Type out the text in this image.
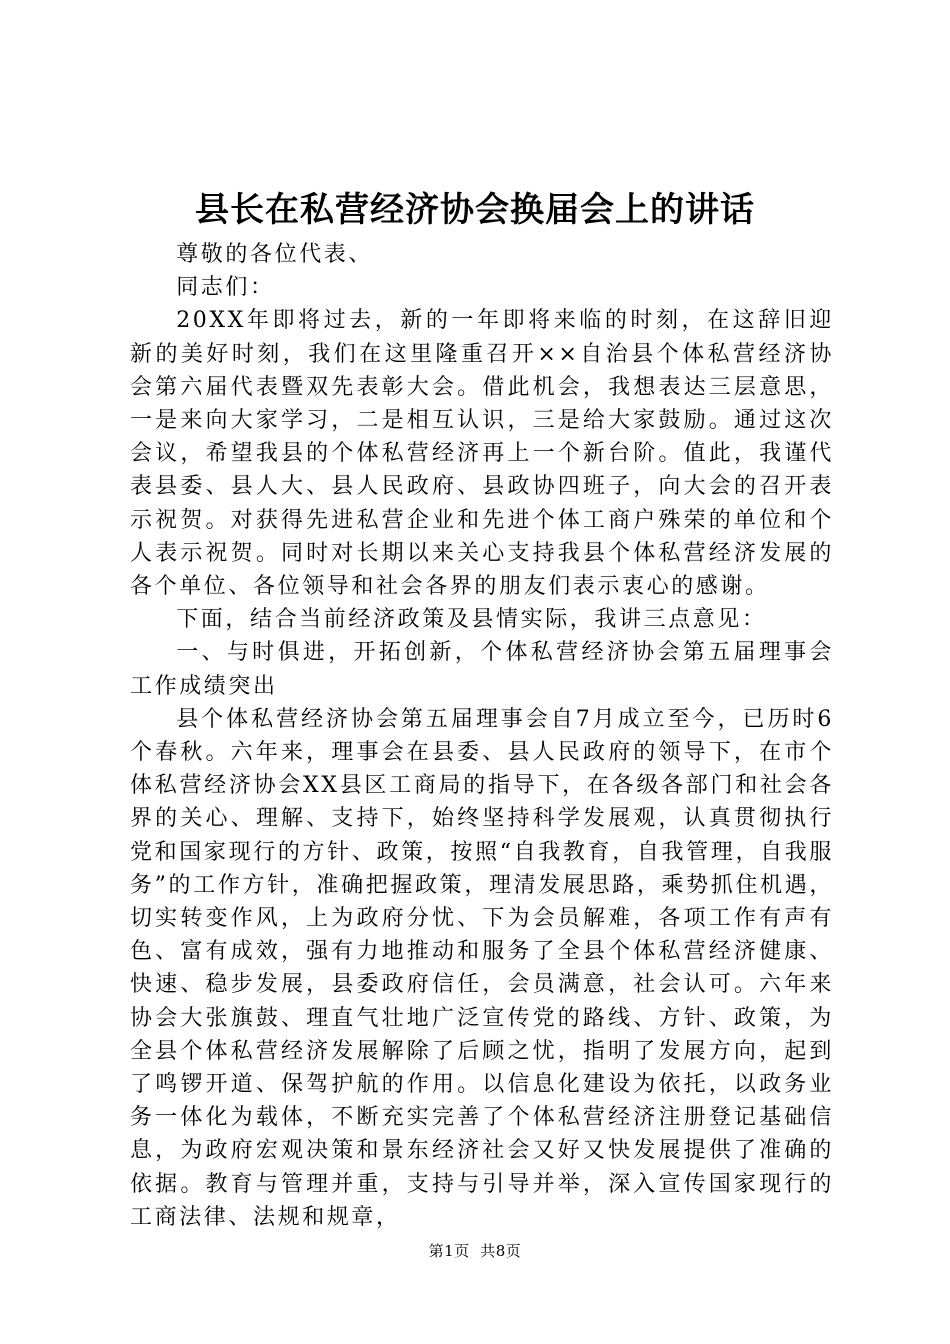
县长在私营经济协会换届会上的讲话

尊敬的各位代表、

同志们：

20XX年即将过去，新的一年即将来临的时刻，在这辞旧迎新的美好时刻，我们在这里隆重召开××自治县个体私营经济协会第六届代表暨双先表彰大会。借此机会，我想表达三层意思，一是来向大家学习，二是相互认识，三是给大家鼓励。通过这次会议，希望我县的个体私营经济再上一个新台阶。值此，我谨代表县委、县人大、县人民政府、县政协四班子，向大会的召开表示祝贺。对获得先进私营企业和先进个体工商户殊荣的单位和个人表示祝贺。同时对长期以来关心支持我县个体私营经济发展的各个单位、各位领导和社会各界的朋友们表示衷心的感谢。

下面，结合当前经济政策及县情实际，我讲三点意见：

一、与时俱进，开拓创新，个体私营经济协会第五届理事会工作成绩突出

县个体私营经济协会第五届理事会自7月成立至今，已历时6个春秋。六年来，理事会在县委、县人民政府的领导下，在市个体私营经济协会XX县区工商局的指导下，在各级各部门和社会各界的关心、理解、支持下，始终坚持科学发展观，认真贯彻执行党和国家现行的方针、政策，按照“自我教育，自我管理，自我服务”的工作方针，准确把握政策，理清发展思路，乘势抓住机遇，切实转变作风，上为政府分忧、下为会员解难，各项工作有声有色、富有成效，强有力地推动和服务了全县个体私营经济健康、快速、稳步发展，县委政府信任，会员满意，社会认可。六年来协会大张旗鼓、理直气壮地广泛宣传党的路线、方针、政策，为全县个体私营经济发展解除了后顾之忧，指明了发展方向，起到了鸣锣开道、保驾护航的作用。以信息化建设为依托，以政务业务一体化为载体，不断充实完善了个体私营经济注册登记基础信息，为政府宏观决策和景东经济社会又好又快发展提供了准确的依据。教育与管理并重，支持与引导并举，深入宣传国家现行的工商法律、法规和规章，

第1页 共8页
